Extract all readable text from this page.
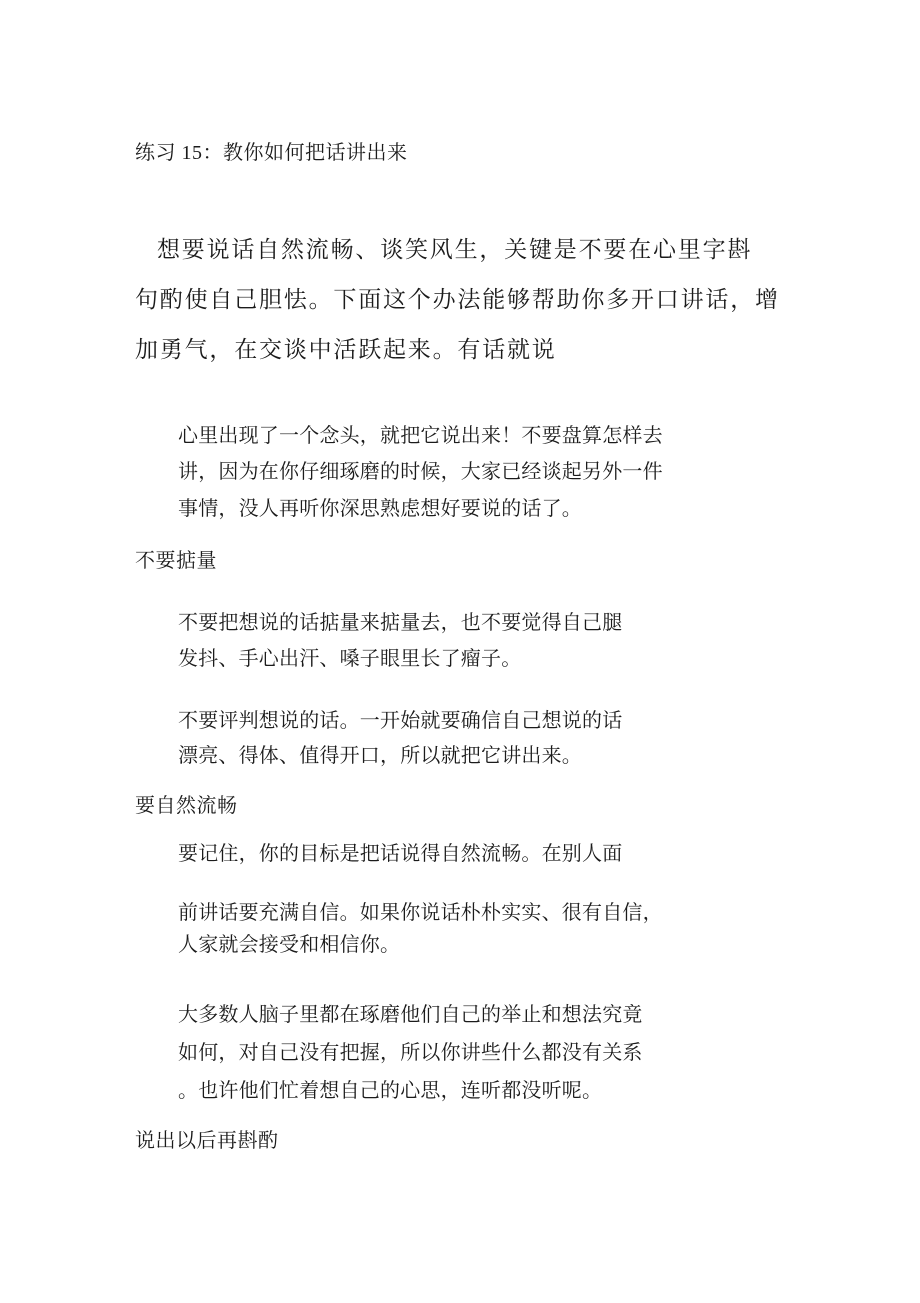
练习 15：教你如何把话讲出来
想要说话自然流畅、谈笑风生，关键是不要在心里字斟
句酌使自己胆怯。下面这个办法能够帮助你多开口讲话，增
加勇气，在交谈中活跃起来。有话就说
心里出现了一个念头，就把它说出来！不要盘算怎样去
讲，因为在你仔细琢磨的时候，大家已经谈起另外一件
事情，没人再听你深思熟虑想好要说的话了。
不要掂量
不要把想说的话掂量来掂量去，也不要觉得自己腿
发抖、手心出汗、嗓子眼里长了瘤子。
不要评判想说的话。一开始就要确信自己想说的话
漂亮、得体、值得开口，所以就把它讲出来。
要自然流畅
要记住，你的目标是把话说得自然流畅。在别人面
前讲话要充满自信。如果你说话朴朴实实、很有自信，
人家就会接受和相信你。
大多数人脑子里都在琢磨他们自己的举止和想法究竟
如何，对自己没有把握，所以你讲些什么都没有关系
。也许他们忙着想自己的心思，连听都没听呢。
说出以后再斟酌
